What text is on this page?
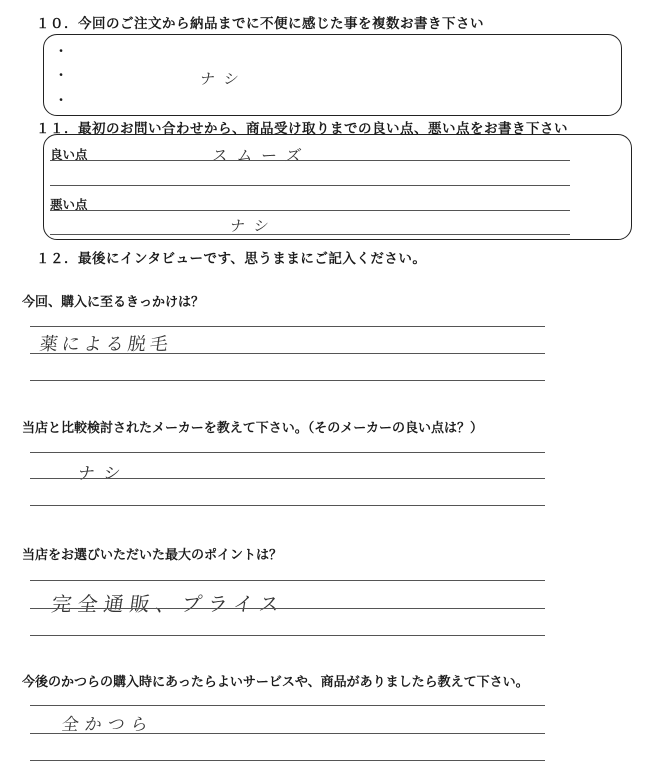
１０．今回のご注文から納品までに不便に感じた事を複数お書き下さい
・
・
・
ナシ
１１．最初のお問い合わせから、商品受け取りまでの良い点、悪い点をお書き下さい
良い点	スムーズ
悪い点
ナシ
１２．最後にインタビューです、思うままにご記入ください。
今回、購入に至るきっかけは？
薬による脱毛
当店と比較検討されたメーカーを教えて下さい。（そのメーカーの良い点は？）
ナシ
当店をお選びいただいた最大のポイントは？
完全通販、プライス
今後のかつらの購入時にあったらよいサービスや、商品がありましたら教えて下さい。
全かつら
